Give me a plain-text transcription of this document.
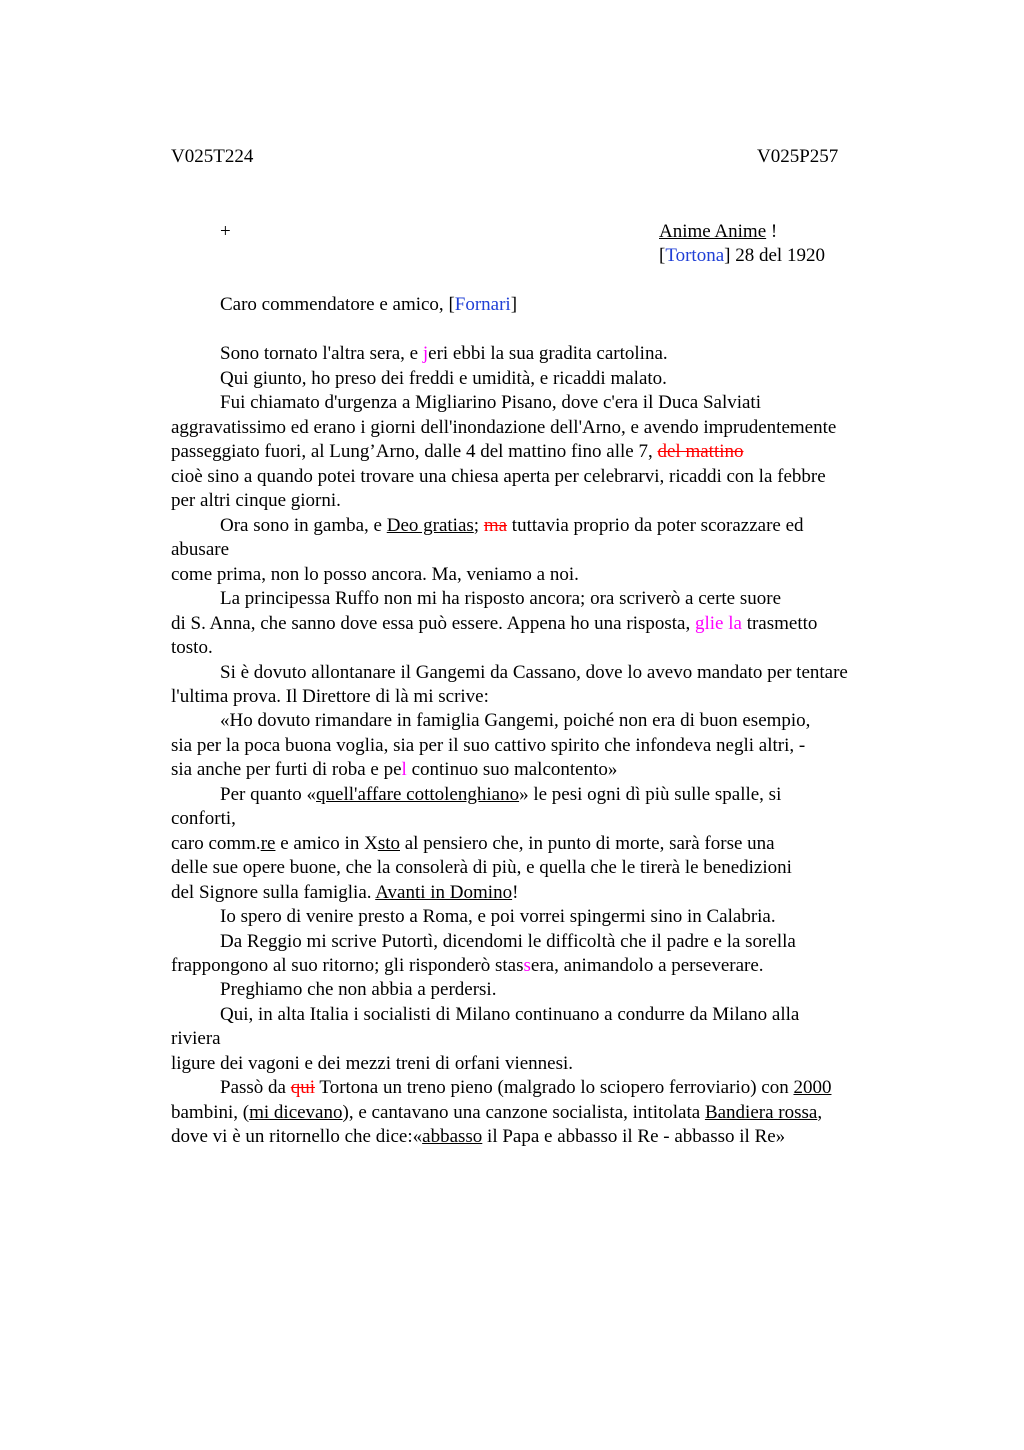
V025T224	V025P257
+	Anime Anime !
[Tortona] 28 del 1920
Caro commendatore e amico, [Fornari]
Sono tornato l'altra sera, e jeri ebbi la sua gradita cartolina.
Qui giunto, ho preso dei freddi e umidità, e ricaddi malato.
Fui chiamato d'urgenza a Migliarino Pisano, dove c'era il Duca Salviati
aggravatissimo ed erano i giorni dell'inondazione dell'Arno, e avendo imprudentemente
passeggiato fuori, al Lung’Arno, dalle 4 del mattino fino alle 7, del mattino
cioè sino a quando potei trovare una chiesa aperta per celebrarvi, ricaddi con la febbre
per altri cinque giorni.
Ora sono in gamba, e Deo gratias; ma tuttavia proprio da poter scorazzare ed
abusare
come prima, non lo posso ancora. Ma, veniamo a noi.
La principessa Ruffo non mi ha risposto ancora; ora scriverò a certe suore
di S. Anna, che sanno dove essa può essere. Appena ho una risposta, glie la trasmetto
tosto.
Si è dovuto allontanare il Gangemi da Cassano, dove lo avevo mandato per tentare
l'ultima prova. Il Direttore di là mi scrive:
«Ho dovuto rimandare in famiglia Gangemi, poiché non era di buon esempio,
sia per la poca buona voglia, sia per il suo cattivo spirito che infondeva negli altri, -
sia anche per furti di roba e pel continuo suo malcontento»
Per quanto «quell'affare cottolenghiano» le pesi ogni dì più sulle spalle, si
conforti,
caro comm.re e amico in Xsto al pensiero che, in punto di morte, sarà forse una
delle sue opere buone, che la consolerà di più, e quella che le tirerà le benedizioni
del Signore sulla famiglia. Avanti in Domino!
Io spero di venire presto a Roma, e poi vorrei spingermi sino in Calabria.
Da Reggio mi scrive Putortì, dicendomi le difficoltà che il padre e la sorella
frappongono al suo ritorno; gli risponderò stassera, animandolo a perseverare.
Preghiamo che non abbia a perdersi.
Qui, in alta Italia i socialisti di Milano continuano a condurre da Milano alla
riviera
ligure dei vagoni e dei mezzi treni di orfani viennesi.
Passò da qui Tortona un treno pieno (malgrado lo sciopero ferroviario) con 2000
bambini, (mi dicevano), e cantavano una canzone socialista, intitolata Bandiera rossa,
dove vi è un ritornello che dice:«abbasso il Papa e abbasso il Re - abbasso il Re»
